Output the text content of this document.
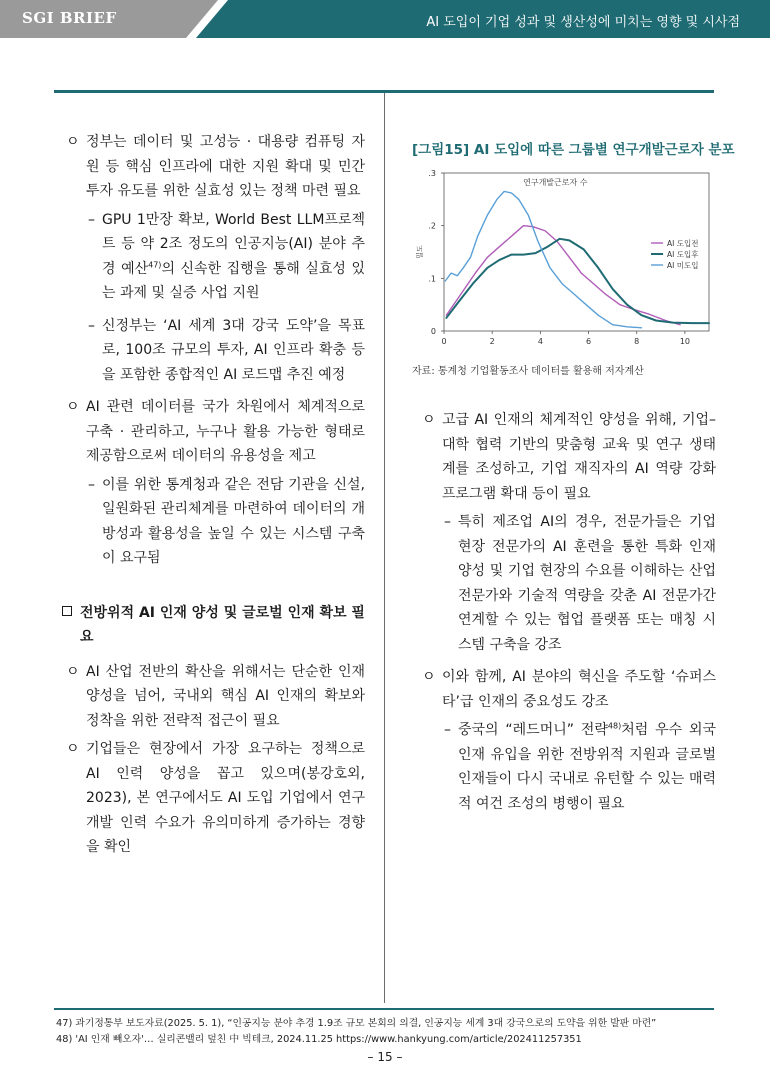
SGI BRIEF	AI 도입이 기업 성과 및 생산성에 미치는 영향 및 시사점
ㅇ 정부는 데이터 및 고성능 · 대용량 컴퓨팅 자원 등 핵심 인프라에 대한 지원 확대 및 민간 투자 유도를 위한 실효성 있는 정책 마련 필요
– GPU 1만장 확보, World Best LLM프로젝트 등 약 2조 정도의 인공지능(AI) 분야 추경 예산$^{47)}$의 신속한 집행을 통해 실효성 있는 과제 및 실증 사업 지원
– 신정부는 ‘AI 세계 3대 강국 도약’을 목표로, 100조 규모의 투자, AI 인프라 확충 등을 포함한 종합적인 AI 로드맵 추진 예정
ㅇ AI 관련 데이터를 국가 차원에서 체계적으로 구축 · 관리하고, 누구나 활용 가능한 형태로 제공함으로써 데이터의 유용성을 제고
– 이를 위한 통계청과 같은 전담 기관을 신설, 일원화된 관리체계를 마련하여 데이터의 개방성과 활용성을 높일 수 있는 시스템 구축이 요구됨
전방위적 AI 인재 양성 및 글로벌 인재 확보 필요
ㅇ AI 산업 전반의 확산을 위해서는 단순한 인재 양성을 넘어, 국내외 핵심 AI 인재의 확보와 정착을 위한 전략적 접근이 필요
ㅇ 기업들은 현장에서 가장 요구하는 정책으로 AI 인력 양성을 꼽고 있으며(봉강호외, 2023), 본 연구에서도 AI 도입 기업에서 연구개발 인력 수요가 유의미하게 증가하는 경향을 확인
[그림15] AI 도입에 따른 그룹별 연구개발근로자 분포
.3
.2
.1
0
0	2	4	6	8	10
밀도
연구개발근로자 수
AI 도입전
AI 도입후
AI 미도입
자료: 통계청 기업활동조사 데이터를 활용해 저자계산
ㅇ 고급 AI 인재의 체계적인 양성을 위해, 기업–대학 협력 기반의 맞춤형 교육 및 연구 생태계를 조성하고, 기업 재직자의 AI 역량 강화 프로그램 확대 등이 필요
– 특히 제조업 AI의 경우, 전문가들은 기업 현장 전문가의 AI 훈련을 통한 특화 인재 양성 및 기업 현장의 수요를 이해하는 산업 전문가와 기술적 역량을 갖춘 AI 전문가간 연계할 수 있는 협업 플랫폼 또는 매칭 시스템 구축을 강조
ㅇ 이와 함께, AI 분야의 혁신을 주도할 ‘슈퍼스타’급 인재의 중요성도 강조
– 중국의 “레드머니” 전략$^{48)}$처럼 우수 외국인재 유입을 위한 전방위적 지원과 글로벌 인재들이 다시 국내로 유턴할 수 있는 매력적 여건 조성의 병행이 필요
47) 과기정통부 보도자료(2025. 5. 1), “인공지능 분야 추경 1.9조 규모 본회의 의결, 인공지능 세계 3대 강국으로의 도약을 위한 발판 마련”
48) 'AI 인재 빼오자'… 실리콘밸리 덮친 中 빅테크, 2024.11.25 https://www.hankyung.com/article/202411257351
– 15 –
